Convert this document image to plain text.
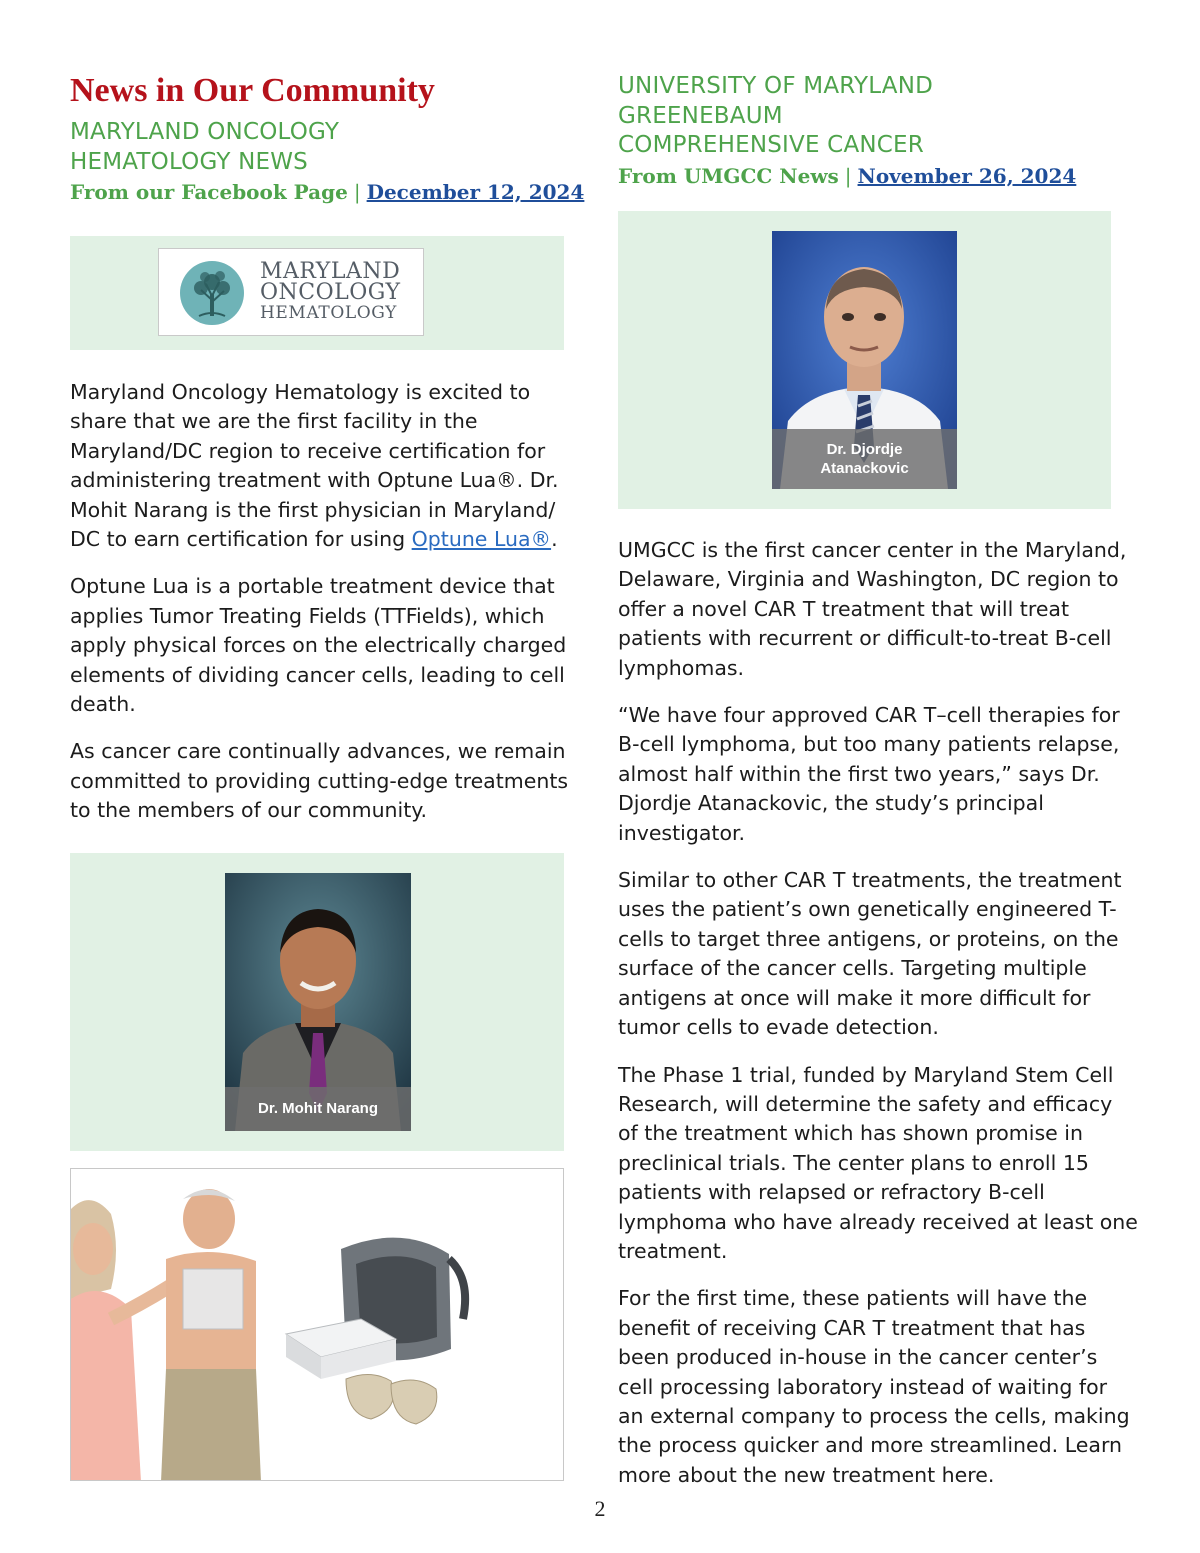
News in Our Community
MARYLAND ONCOLOGY
HEMATOLOGY NEWS
From our Facebook Page | December 12, 2024
MARYLAND
ONCOLOGY
HEMATOLOGY

Maryland Oncology Hematology is excited to share that we are the first facility in the Maryland/DC region to receive certification for administering treatment with Optune Lua®. Dr. Mohit Narang is the first physician in Maryland/ DC to earn certification for using Optune Lua®.

Optune Lua is a portable treatment device that applies Tumor Treating Fields (TTFields), which apply physical forces on the electrically charged elements of dividing cancer cells, leading to cell death.

As cancer care continually advances, we remain committed to providing cutting-edge treatments to the members of our community.

Dr. Mohit Narang
UNIVERSITY OF MARYLAND
GREENEBAUM
COMPREHENSIVE CANCER
From UMGCC News | November 26, 2024
Dr. Djordje
Atanackovic

UMGCC is the first cancer center in the Maryland, Delaware, Virginia and Washington, DC region to offer a novel CAR T treatment that will treat patients with recurrent or difficult-to-treat B-cell lymphomas.

“We have four approved CAR T–cell therapies for B-cell lymphoma, but too many patients relapse, almost half within the first two years,” says Dr. Djordje Atanackovic, the study’s principal investigator.

Similar to other CAR T treatments, the treatment uses the patient’s own genetically engineered T-cells to target three antigens, or proteins, on the surface of the cancer cells. Targeting multiple antigens at once will make it more difficult for tumor cells to evade detection.

The Phase 1 trial, funded by Maryland Stem Cell Research, will determine the safety and efficacy of the treatment which has shown promise in preclinical trials. The center plans to enroll 15 patients with relapsed or refractory B-cell lymphoma who have already received at least one treatment.

For the first time, these patients will have the benefit of receiving CAR T treatment that has been produced in-house in the cancer center’s cell processing laboratory instead of waiting for an external company to process the cells, making the process quicker and more streamlined. Learn more about the new treatment here.

2
